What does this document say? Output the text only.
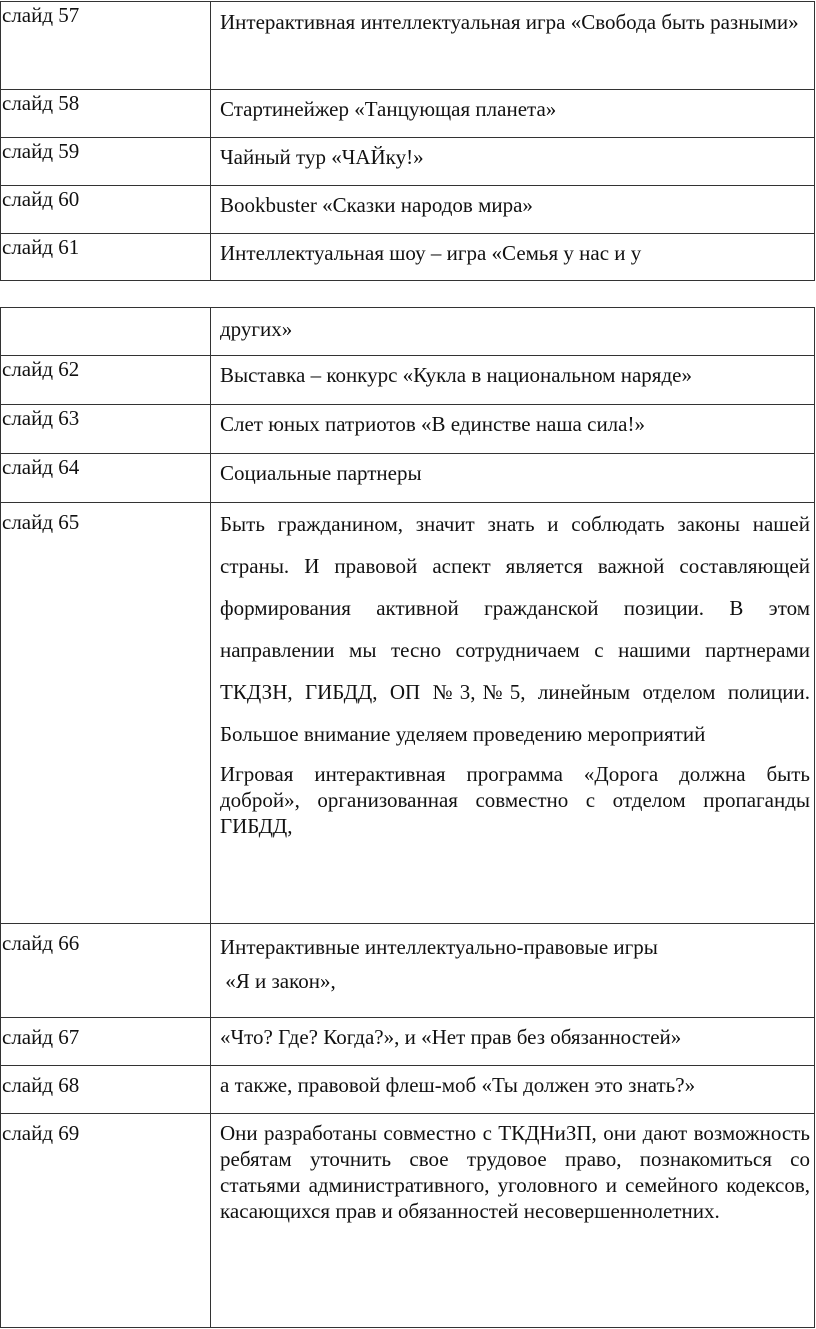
слайд 57	Интерактивная интеллектуальная игра «Свобода быть разными»

слайд 58	Стартинейжер «Танцующая планета»

слайд 59	Чайный тур «ЧАЙку!»

слайд 60	Bookbuster «Сказки народов мира»

слайд 61	Интеллектуальная шоу – игра «Семья у нас и у

	других»

слайд 62	Выставка – конкурс «Кукла в национальном наряде»

слайд 63	Слет юных патриотов «В единстве наша сила!»

слайд 64	Социальные партнеры

слайд 65	Быть гражданином, значит знать и соблюдать законы нашей страны. И правовой аспект является важной составляющей формирования активной гражданской позиции. В этом направлении мы тесно сотрудничаем с нашими партнерами ТКДЗН, ГИБДД, ОП №3,№5, линейным отделом полиции. Большое внимание уделяем проведению мероприятий
Игровая интерактивная программа «Дорога должна быть доброй», организованная совместно с отделом пропаганды ГИБДД,

слайд 66	Интерактивные интеллектуально-правовые игры
«Я и закон»,

слайд 67	«Что? Где? Когда?», и «Нет прав без обязанностей»

слайд 68	а также, правовой флеш-моб «Ты должен это знать?»

слайд 69	Они разработаны совместно с ТКДНиЗП, они дают возможность ребятам уточнить свое трудовое право, познакомиться со статьями административного, уголовного и семейного кодексов, касающихся прав и обязанностей несовершеннолетних.
